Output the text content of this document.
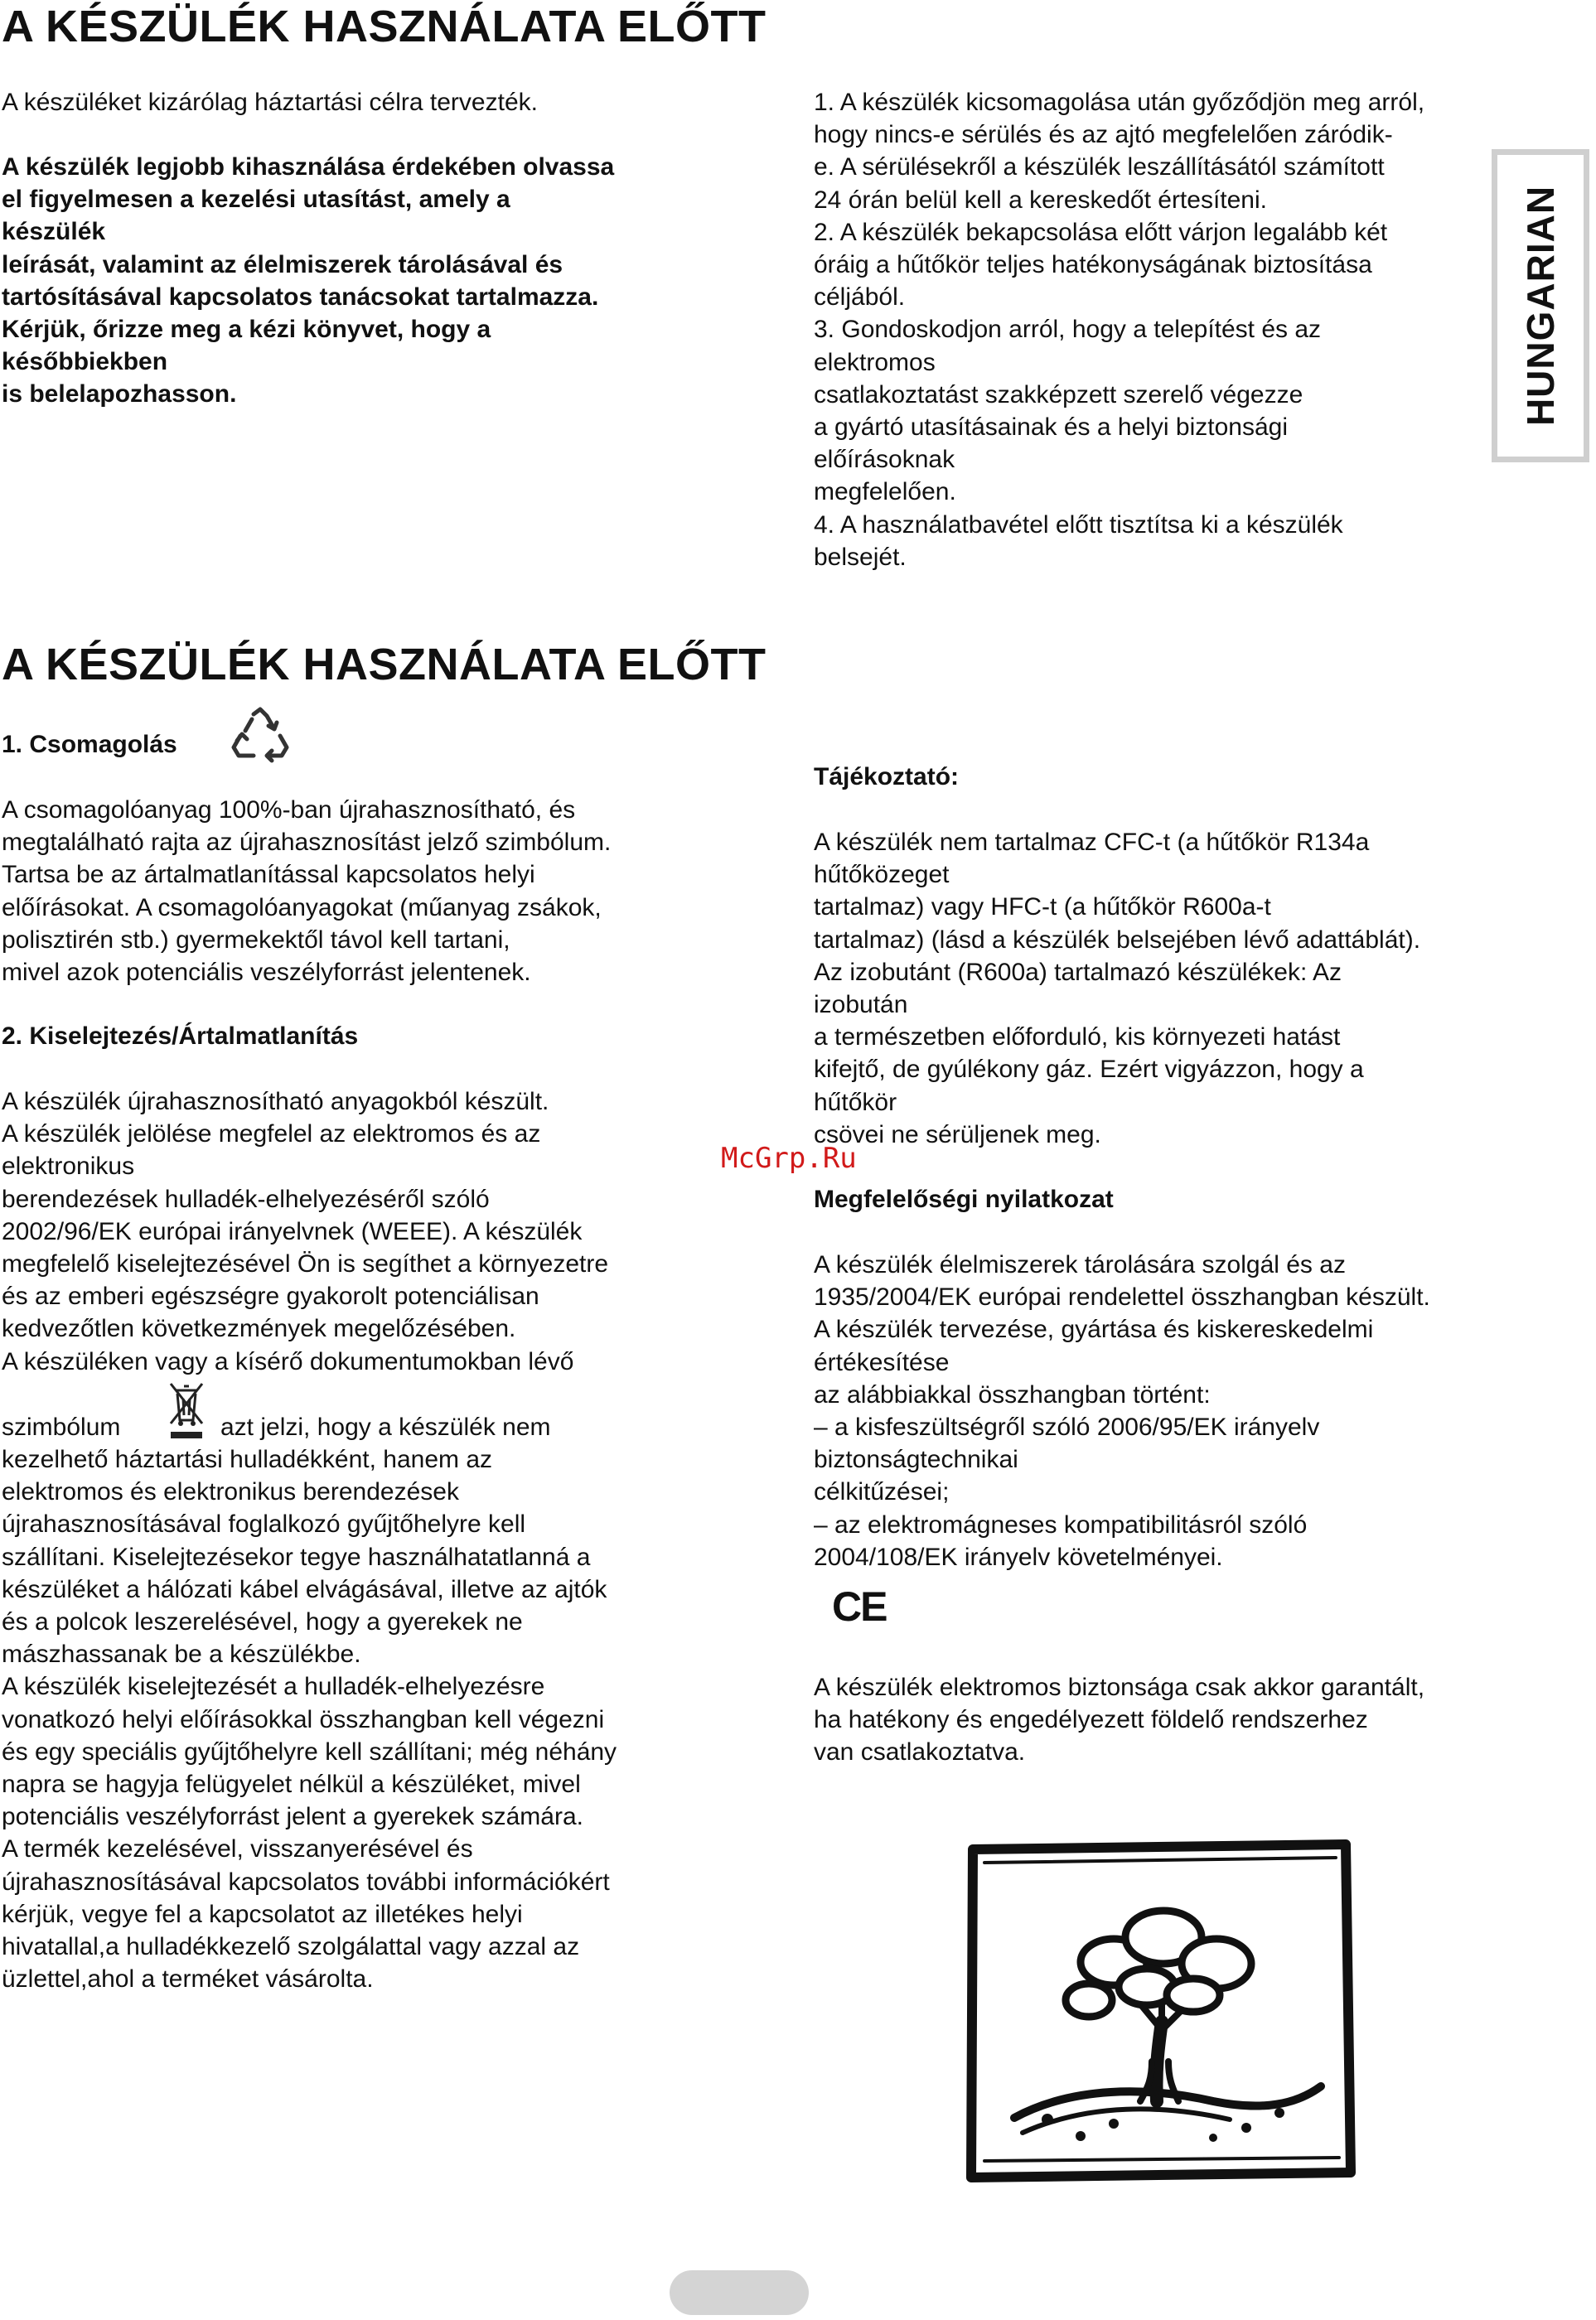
A KÉSZÜLÉK HASZNÁLATA ELŐTT

A készüléket kizárólag háztartási célra tervezték.

A készülék legjobb kihasználása érdekében olvassa
el figyelmesen a kezelési utasítást, amely a
készülék
leírását, valamint az élelmiszerek tárolásával és
tartósításával kapcsolatos tanácsokat tartalmazza.
Kérjük, őrizze meg a kézi könyvet, hogy a
későbbiekben
is belelapozhasson.
1. A készülék kicsomagolása után győződjön meg arról,
hogy nincs-e sérülés és az ajtó megfelelően záródik-
e. A sérülésekről a készülék leszállításától számított
24 órán belül kell a kereskedőt értesíteni.
2. A készülék bekapcsolása előtt várjon legalább két
óráig a hűtőkör teljes hatékonyságának biztosítása
céljából.
3. Gondoskodjon arról, hogy a telepítést és az
elektromos
csatlakoztatást szakképzett szerelő végezze
a gyártó utasításainak és a helyi biztonsági
előírásoknak
megfelelően.
4. A használatbavétel előtt tisztítsa ki a készülék
belsejét.
HUNGARIAN
A KÉSZÜLÉK HASZNÁLATA ELŐTT
1. Csomagolás
A csomagolóanyag 100%-ban újrahasznosítható, és
megtalálható rajta az újrahasznosítást jelző szimbólum.
Tartsa be az ártalmatlanítással kapcsolatos helyi
előírásokat. A csomagolóanyagokat (műanyag zsákok,
polisztirén stb.) gyermekektől távol kell tartani,
mivel azok potenciális veszélyforrást jelentenek.
2. Kiselejtezés/Ártalmatlanítás
A készülék újrahasznosítható anyagokból készült.
A készülék jelölése megfelel az elektromos és az
elektronikus
berendezések hulladék-elhelyezéséről szóló
2002/96/EK európai irányelvnek (WEEE). A készülék
megfelelő kiselejtezésével Ön is segíthet a környezetre
és az emberi egészségre gyakorolt potenciálisan
kedvezőtlen következmények megelőzésében.
A készüléken vagy a kísérő dokumentumokban lévő
szimbólum	azt jelzi, hogy a készülék nem
kezelhető háztartási hulladékként, hanem az
elektromos és elektronikus berendezések
újrahasznosításával foglalkozó gyűjtőhelyre kell
szállítani. Kiselejtezésekor tegye használhatatlanná a
készüléket a hálózati kábel elvágásával, illetve az ajtók
és a polcok leszerelésével, hogy a gyerekek ne
mászhassanak be a készülékbe.
A készülék kiselejtezését a hulladék-elhelyezésre
vonatkozó helyi előírásokkal összhangban kell végezni
és egy speciális gyűjtőhelyre kell szállítani; még néhány
napra se hagyja felügyelet nélkül a készüléket, mivel
potenciális veszélyforrást jelent a gyerekek számára.
A termék kezelésével, visszanyerésével és
újrahasznosításával kapcsolatos további információkért
kérjük, vegye fel a kapcsolatot az illetékes helyi
hivatallal,a hulladékkezelő szolgálattal vagy azzal az
üzlettel,ahol a terméket vásárolta.
Tájékoztató:
A készülék nem tartalmaz CFC-t (a hűtőkör R134a
hűtőközeget
tartalmaz) vagy HFC-t (a hűtőkör R600a-t
tartalmaz) (lásd a készülék belsejében lévő adattáblát).
Az izobutánt (R600a) tartalmazó készülékek: Az
izobután
a természetben előforduló, kis környezeti hatást
kifejtő, de gyúlékony gáz. Ezért vigyázzon, hogy a
hűtőkör
csövei ne sérüljenek meg.
McGrp.Ru
Megfelelőségi nyilatkozat
A készülék élelmiszerek tárolására szolgál és az
1935/2004/EK európai rendelettel összhangban készült.
A készülék tervezése, gyártása és kiskereskedelmi
értékesítése
az alábbiakkal összhangban történt:
– a kisfeszültségről szóló 2006/95/EK irányelv
biztonságtechnikai
célkitűzései;
– az elektromágneses kompatibilitásról szóló
2004/108/EK irányelv követelményei.
CE
A készülék elektromos biztonsága csak akkor garantált,
ha hatékony és engedélyezett földelő rendszerhez
van csatlakoztatva.
